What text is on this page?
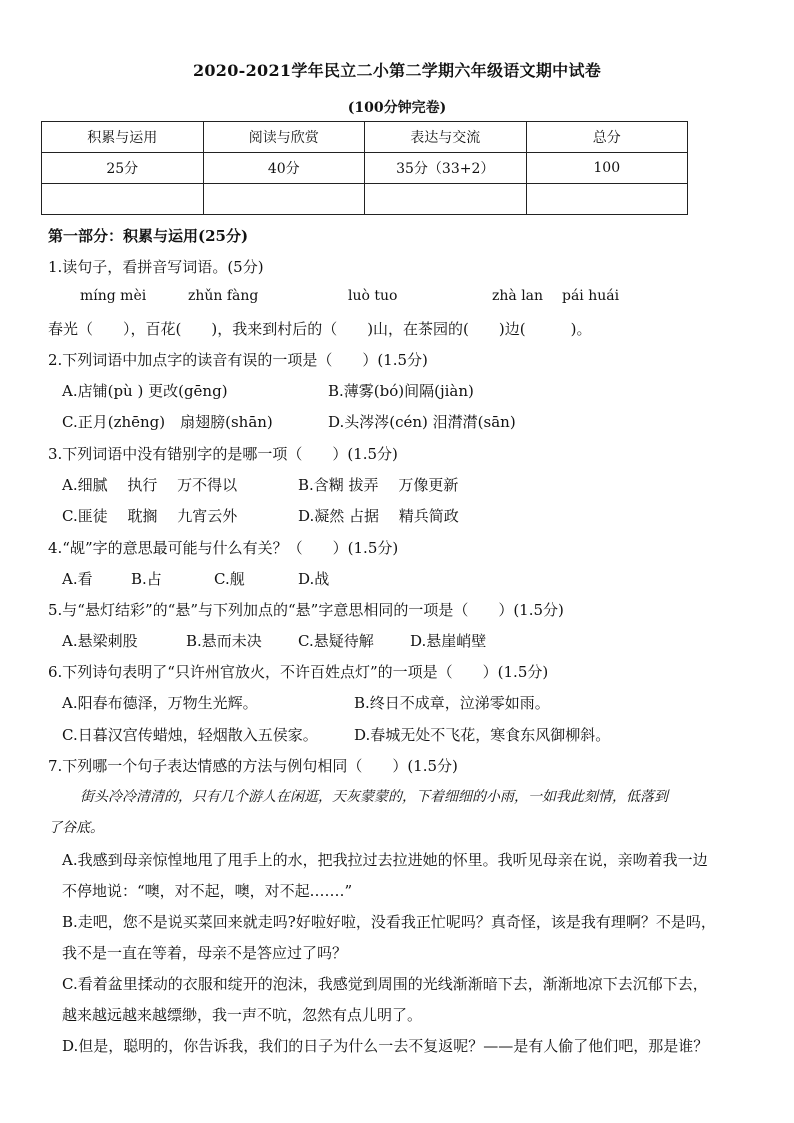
2020-2021学年民立二小第二学期六年级语文期中试卷
(100分钟完卷)
积累与运用	阅读与欣赏	表达与交流	总分
25分	40分	35分（33+2）	100

第一部分：积累与运用(25分)
1.读句子，看拼音写词语。(5分)
míng mèi	zhǔn fàng	luò tuo	zhà lan pái huái
春光（　　），百花(　　)，我来到村后的（　　)山，在茶园的(　　)边(　　　)。
2.下列词语中加点字的读音有误的一项是（　　）(1.5分)
A.店铺(pù ) 更改(gēng)	B.薄雾(bó)间隔(jiàn)
C.正月(zhēng)　扇翅膀(shān)	D.头涔涔(cén) 泪潸潸(sān)
3.下列词语中没有错别字的是哪一项（　　）(1.5分)
A.细腻　 执行　 万不得以	B.含糊 拔弄　 万像更新
C.匪徒　 耽搁　 九宵云外	D.凝然 占据　 精兵简政
4.“觇”字的意思最可能与什么有关？（　　）(1.5分)
A.看	B.占	C.舰	D.战
5.与“悬灯结彩”的“悬”与下列加点的“悬”字意思相同的一项是（　　）(1.5分)
A.悬梁刺股	B.悬而未决 C.悬疑待解 D.悬崖峭壁
6.下列诗句表明了“只许州官放火，不许百姓点灯”的一项是（　　）(1.5分)
A.阳春布德泽，万物生光辉。	B.终日不成章，泣涕零如雨。
C.日暮汉宫传蜡烛，轻烟散入五侯家。 D.春城无处不飞花，寒食东风御柳斜。
7.下列哪一个句子表达情感的方法与例句相同（　　）(1.5分)
街头冷冷清清的，只有几个游人在闲逛，天灰蒙蒙的，下着细细的小雨，一如我此刻情，低落到
了谷底。
A.我感到母亲惊惶地甩了甩手上的水，把我拉过去拉进她的怀里。我听见母亲在说，亲吻着我一边
不停地说：“噢，对不起，噢，对不起.……”
B.走吧，您不是说买菜回来就走吗?好啦好啦，没看我正忙呢吗？真奇怪，该是我有理啊？不是吗，
我不是一直在等着，母亲不是答应过了吗？
C.看着盆里揉动的衣服和绽开的泡沫，我感觉到周围的光线渐渐暗下去，渐渐地凉下去沉郁下去，
越来越远越来越缥缈，我一声不吭，忽然有点儿明了。
D.但是，聪明的，你告诉我，我们的日子为什么一去不复返呢？——是有人偷了他们吧，那是谁？
